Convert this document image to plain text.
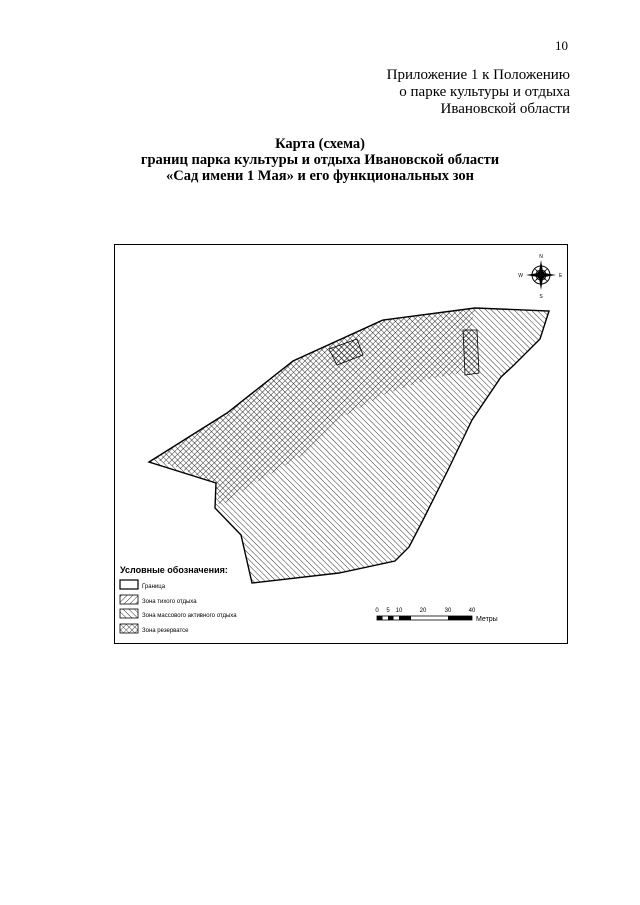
10
Приложение 1 к Положению
о парке культуры и отдыха
Ивановской области
Карта (схема)
границ парка культуры и отдыха Ивановской области
«Сад имени 1 Мая» и его функциональных зон
N
S
E
W
Условные обозначения:
Граница
Зона тихого отдыха
Зона массового активного отдыха
Зона резерватсе
0 5 10	20	30	40
Метры
